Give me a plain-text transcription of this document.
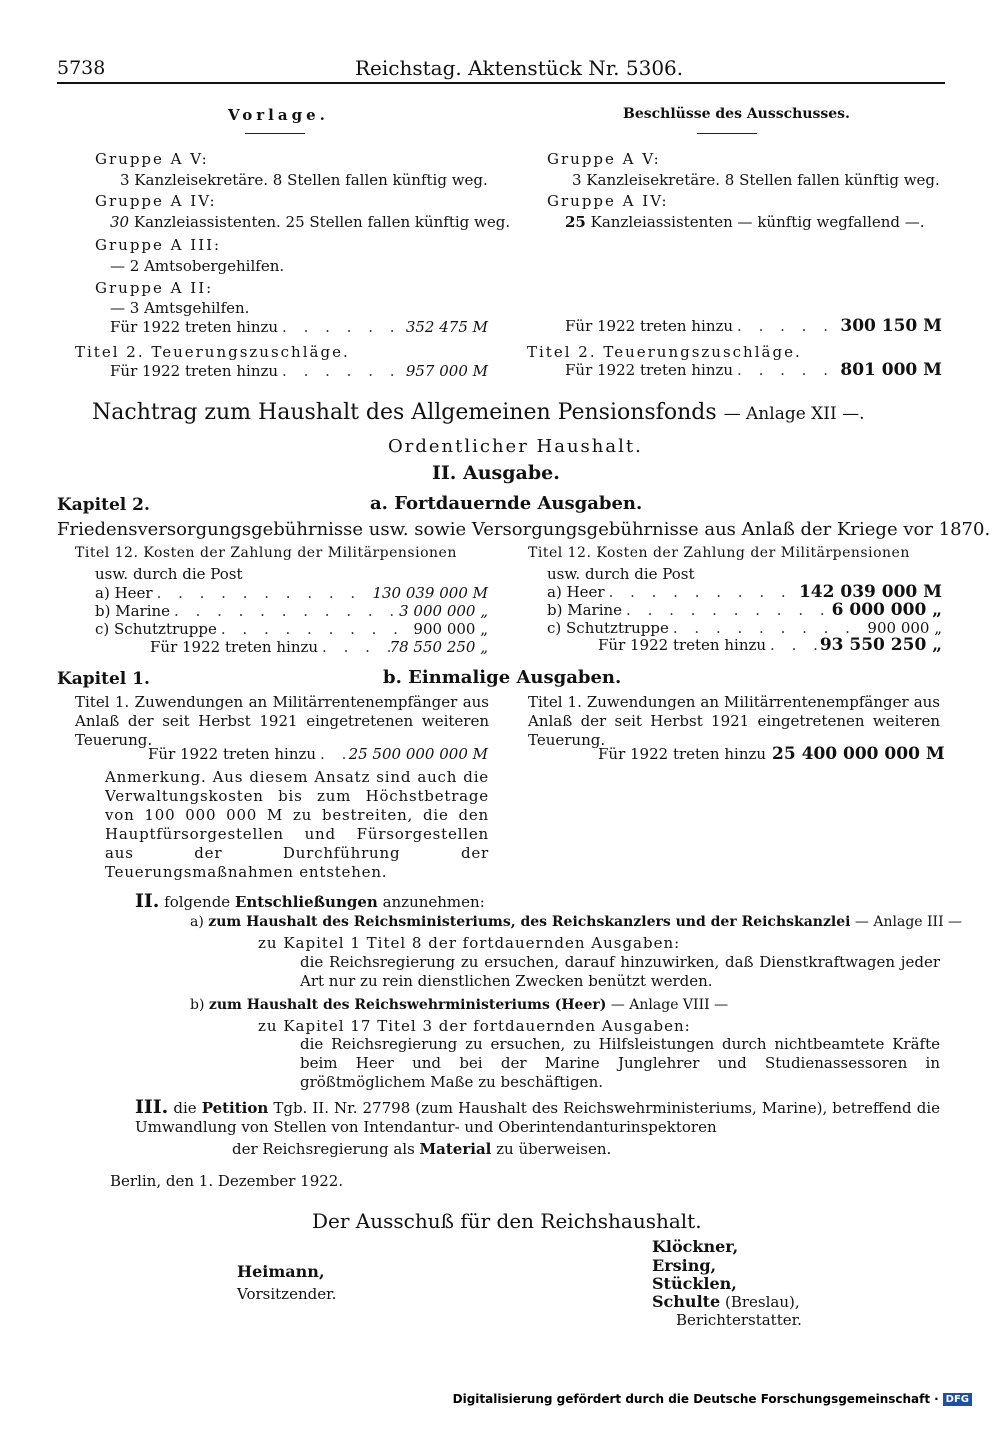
5738	Reichstag. Aktenstück Nr. 5306.
Vorlage.	Beschlüsse des Ausschusses.
Gruppe A V:
3 Kanzleisekretäre. 8 Stellen fallen künftig weg.
Gruppe A IV:
30 Kanzleiassistenten. 25 Stellen fallen künftig weg.
Gruppe A III:
— 2 Amtsobergehilfen.
Gruppe A II:
— 3 Amtsgehilfen.
Für 1922 treten hinzu . . .	352 475 M
Titel 2. Teuerungszuschläge.
Für 1922 treten hinzu . . .	957 000 M
Gruppe A V:
3 Kanzleisekretäre. 8 Stellen fallen künftig weg.
Gruppe A IV:
25 Kanzleiassistenten — künftig wegfallend —.
Für 1922 treten hinzu . . .	300 150 M
Titel 2. Teuerungszuschläge.
Für 1922 treten hinzu . . .	801 000 M
Nachtrag zum Haushalt des Allgemeinen Pensionsfonds — Anlage XII —.
Ordentlicher Haushalt.
II. Ausgabe.
Kapitel 2.	a. Fortdauernde Ausgaben.
Friedensversorgungsgebührnisse usw. sowie Versorgungsgebührnisse aus Anlaß der Kriege vor 1870.
Titel 12. Kosten der Zahlung der Militärpensionen
usw. durch die Post
a) Heer . . .	130 039 000 M
b) Marine . . .	3 000 000 „
c) Schutztruppe . . .	900 000 „
Für 1922 treten hinzu . . .	78 550 250 „
Titel 12. Kosten der Zahlung der Militärpensionen
usw. durch die Post
a) Heer . . .	142 039 000 M
b) Marine . . .	6 000 000 „
c) Schutztruppe . . .	900 000 „
Für 1922 treten hinzu . . .	93 550 250 „
Kapitel 1.	b. Einmalige Ausgaben.
Titel 1. Zuwendungen an Militärrentenempfänger aus Anlaß der seit Herbst 1921 eingetretenen weiteren Teuerung.
Für 1922 treten hinzu . . . 25 500 000 000 M
Anmerkung. Aus diesem Ansatz sind auch die Verwaltungskosten bis zum Höchstbetrage von 100 000 000 M zu bestreiten, die den Hauptfürsorgestellen und Fürsorgestellen aus der Durchführung der Teuerungsmaßnahmen entstehen.
Titel 1. Zuwendungen an Militärrentenempfänger aus Anlaß der seit Herbst 1921 eingetretenen weiteren Teuerung.
Für 1922 treten hinzu 25 400 000 000 M
II. folgende Entschließungen anzunehmen:
a) zum Haushalt des Reichsministeriums, des Reichskanzlers und der Reichskanzlei — Anlage III —
zu Kapitel 1 Titel 8 der fortdauernden Ausgaben:
die Reichsregierung zu ersuchen, darauf hinzuwirken, daß Dienstkraftwagen jeder Art nur zu rein dienstlichen Zwecken benützt werden.
b) zum Haushalt des Reichswehrministeriums (Heer) — Anlage VIII —
zu Kapitel 17 Titel 3 der fortdauernden Ausgaben:
die Reichsregierung zu ersuchen, zu Hilfsleistungen durch nichtbeamtete Kräfte beim Heer und bei der Marine Junglehrer und Studienassessoren in größtmöglichem Maße zu beschäftigen.
III. die Petition Tgb. II. Nr. 27798 (zum Haushalt des Reichswehrministeriums, Marine), betreffend die Umwandlung von Stellen von Intendantur- und Oberintendanturinspektoren
der Reichsregierung als Material zu überweisen.
Berlin, den 1. Dezember 1922.
Der Ausschuß für den Reichshaushalt.
Heimann,
Vorsitzender.
Klöckner,
Ersing,
Stücklen,
Schulte (Breslau),
Berichterstatter.
Digitalisierung gefördert durch die Deutsche Forschungsgemeinschaft · DFG
